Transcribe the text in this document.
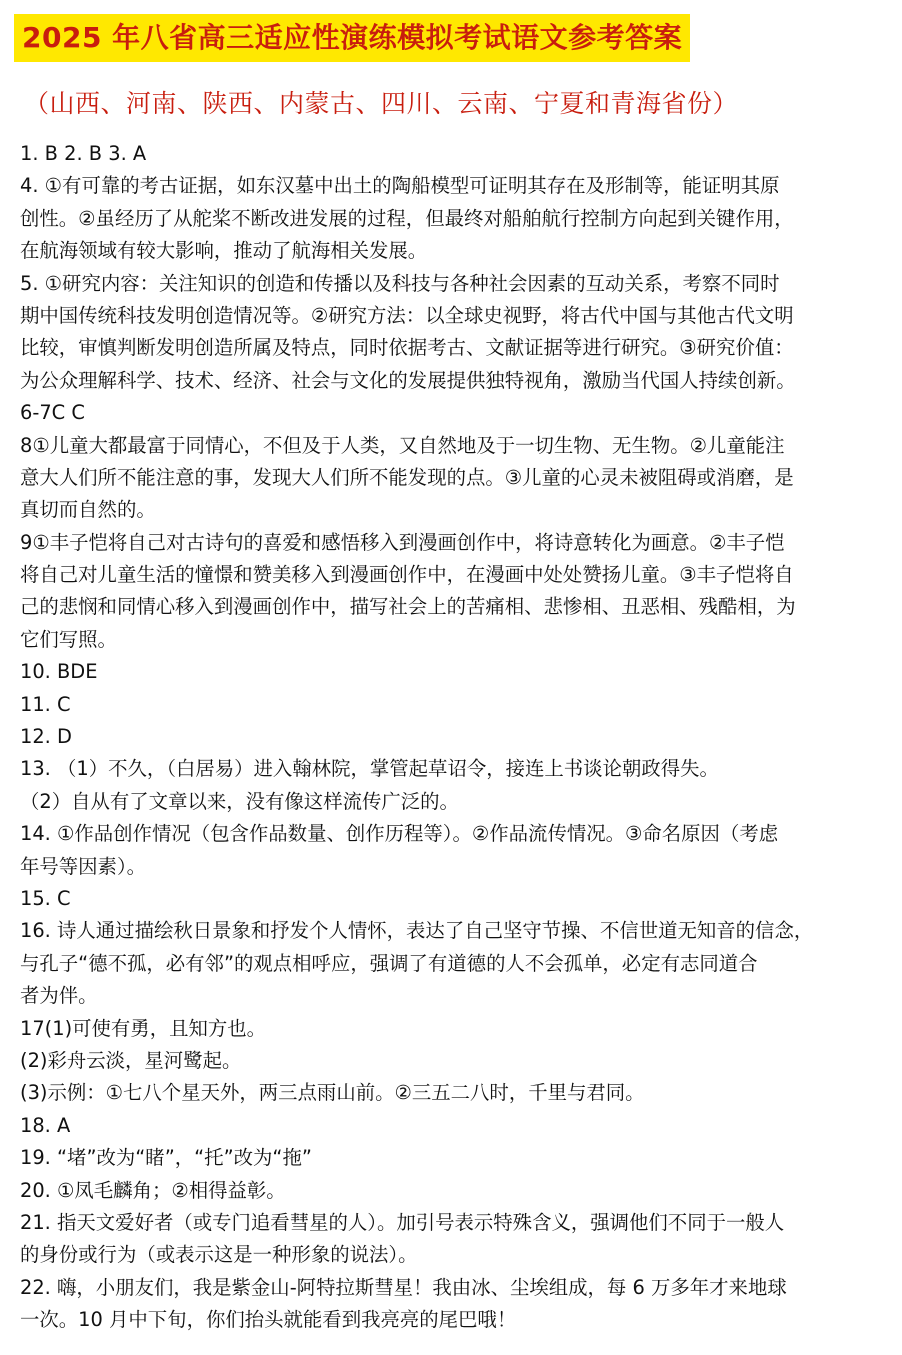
2025 年八省高三适应性演练模拟考试语文参考答案
（山西、河南、陕西、内蒙古、四川、云南、宁夏和青海省份）
1. B 2. B 3. A
4. ①有可靠的考古证据，如东汉墓中出土的陶船模型可证明其存在及形制等，能证明其原
创性。②虽经历了从舵桨不断改进发展的过程，但最终对船舶航行控制方向起到关键作用，
在航海领域有较大影响，推动了航海相关发展。
5. ①研究内容：关注知识的创造和传播以及科技与各种社会因素的互动关系，考察不同时
期中国传统科技发明创造情况等。②研究方法：以全球史视野，将古代中国与其他古代文明
比较，审慎判断发明创造所属及特点，同时依据考古、文献证据等进行研究。③研究价值：
为公众理解科学、技术、经济、社会与文化的发展提供独特视角，激励当代国人持续创新。
6-7C C
8①儿童大都最富于同情心，不但及于人类，又自然地及于一切生物、无生物。②儿童能注
意大人们所不能注意的事，发现大人们所不能发现的点。③儿童的心灵未被阻碍或消磨，是
真切而自然的。
9①丰子恺将自己对古诗句的喜爱和感悟移入到漫画创作中，将诗意转化为画意。②丰子恺
将自己对儿童生活的憧憬和赞美移入到漫画创作中，在漫画中处处赞扬儿童。③丰子恺将自
己的悲悯和同情心移入到漫画创作中，描写社会上的苦痛相、悲惨相、丑恶相、残酷相，为
它们写照。
10. BDE
11. C
12. D
13. （1）不久，（白居易）进入翰林院，掌管起草诏令，接连上书谈论朝政得失。
（2）自从有了文章以来，没有像这样流传广泛的。
14. ①作品创作情况（包含作品数量、创作历程等）。②作品流传情况。③命名原因（考虑
年号等因素）。
15. C
16. 诗人通过描绘秋日景象和抒发个人情怀，表达了自己坚守节操、不信世道无知音的信念，
与孔子“德不孤，必有邻”的观点相呼应，强调了有道德的人不会孤单，必定有志同道合
者为伴。
17(1)可使有勇，且知方也。
(2)彩舟云淡，星河鹭起。
(3)示例：①七八个星天外，两三点雨山前。②三五二八时，千里与君同。
18. A
19. “堵”改为“睹”，“托”改为“拖”
20. ①凤毛麟角；②相得益彰。
21. 指天文爱好者（或专门追看彗星的人）。加引号表示特殊含义，强调他们不同于一般人
的身份或行为（或表示这是一种形象的说法）。
22. 嗨，小朋友们，我是紫金山-阿特拉斯彗星！我由冰、尘埃组成，每 6 万多年才来地球
一次。10 月中下旬，你们抬头就能看到我亮亮的尾巴哦！
